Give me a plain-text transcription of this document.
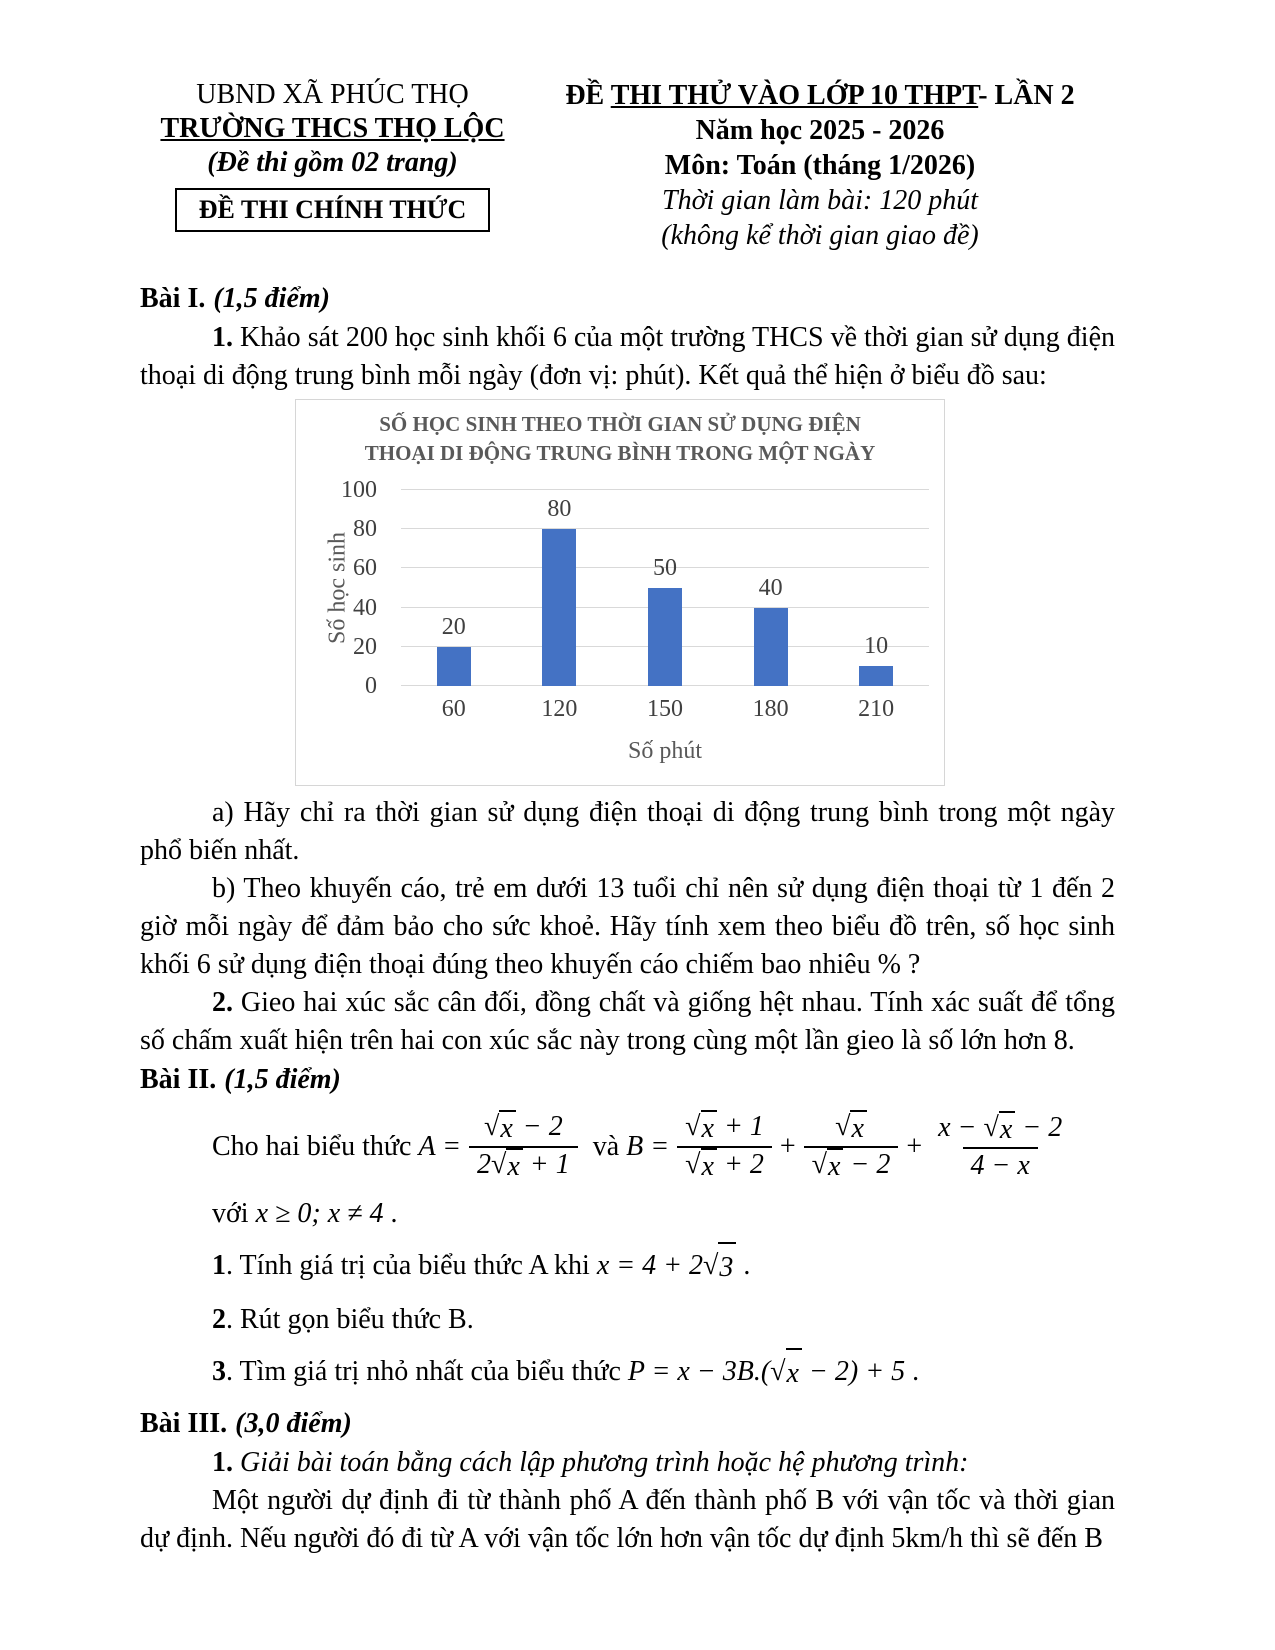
UBND XÃ PHÚC THỌ
TRƯỜNG THCS THỌ LỘC
(Đề thi gồm 02 trang)
ĐỀ THI CHÍNH THỨC
ĐỀ THI THỬ VÀO LỚP 10 THPT- LẦN 2
Năm học 2025 - 2026
Môn: Toán (tháng 1/2026)
Thời gian làm bài: 120 phút
(không kể thời gian giao đề)

Bài I. (1,5 điểm)

1. Khảo sát 200 học sinh khối 6 của một trường THCS về thời gian sử dụng điện thoại di động trung bình mỗi ngày (đơn vị: phút). Kết quả thể hiện ở biểu đồ sau:

SỐ HỌC SINH THEO THỜI GIAN SỬ DỤNG ĐIỆN THOẠI DI ĐỘNG TRUNG BÌNH TRONG MỘT NGÀY
Số học sinh
0
20
40
60
80
100
20
80
50
40
10
60	120	150	180	210
Số phút

a) Hãy chỉ ra thời gian sử dụng điện thoại di động trung bình trong một ngày phổ biến nhất.

b) Theo khuyến cáo, trẻ em dưới 13 tuổi chỉ nên sử dụng điện thoại từ 1 đến 2 giờ mỗi ngày để đảm bảo cho sức khoẻ. Hãy tính xem theo biểu đồ trên, số học sinh khối 6 sử dụng điện thoại đúng theo khuyến cáo chiếm bao nhiêu % ?

2. Gieo hai xúc sắc cân đối, đồng chất và giống hệt nhau. Tính xác suất để tổng số chấm xuất hiện trên hai con xúc sắc này trong cùng một lần gieo là số lớn hơn 8.

Bài II. (1,5 điểm)

Cho hai biểu thức $A = \frac{√ x - 2}{2 √ x + 1}$ và $B = \frac{√ x + 1}{√ x + 2} + \frac{√ x}{√ x - 2} + \frac{x - √ x - 2}{4 - x}$

với x ≥ 0; x ≠ 4 .

1. Tính giá trị của biểu thức A khi x = 4 + 2 √ 3 .

2. Rút gọn biểu thức B.

3. Tìm giá trị nhỏ nhất của biểu thức P = x − 3B.( √ x − 2) + 5 .

Bài III. (3,0 điểm)

1. Giải bài toán bằng cách lập phương trình hoặc hệ phương trình:

Một người dự định đi từ thành phố A đến thành phố B với vận tốc và thời gian dự định. Nếu người đó đi từ A với vận tốc lớn hơn vận tốc dự định 5km/h thì sẽ đến B
